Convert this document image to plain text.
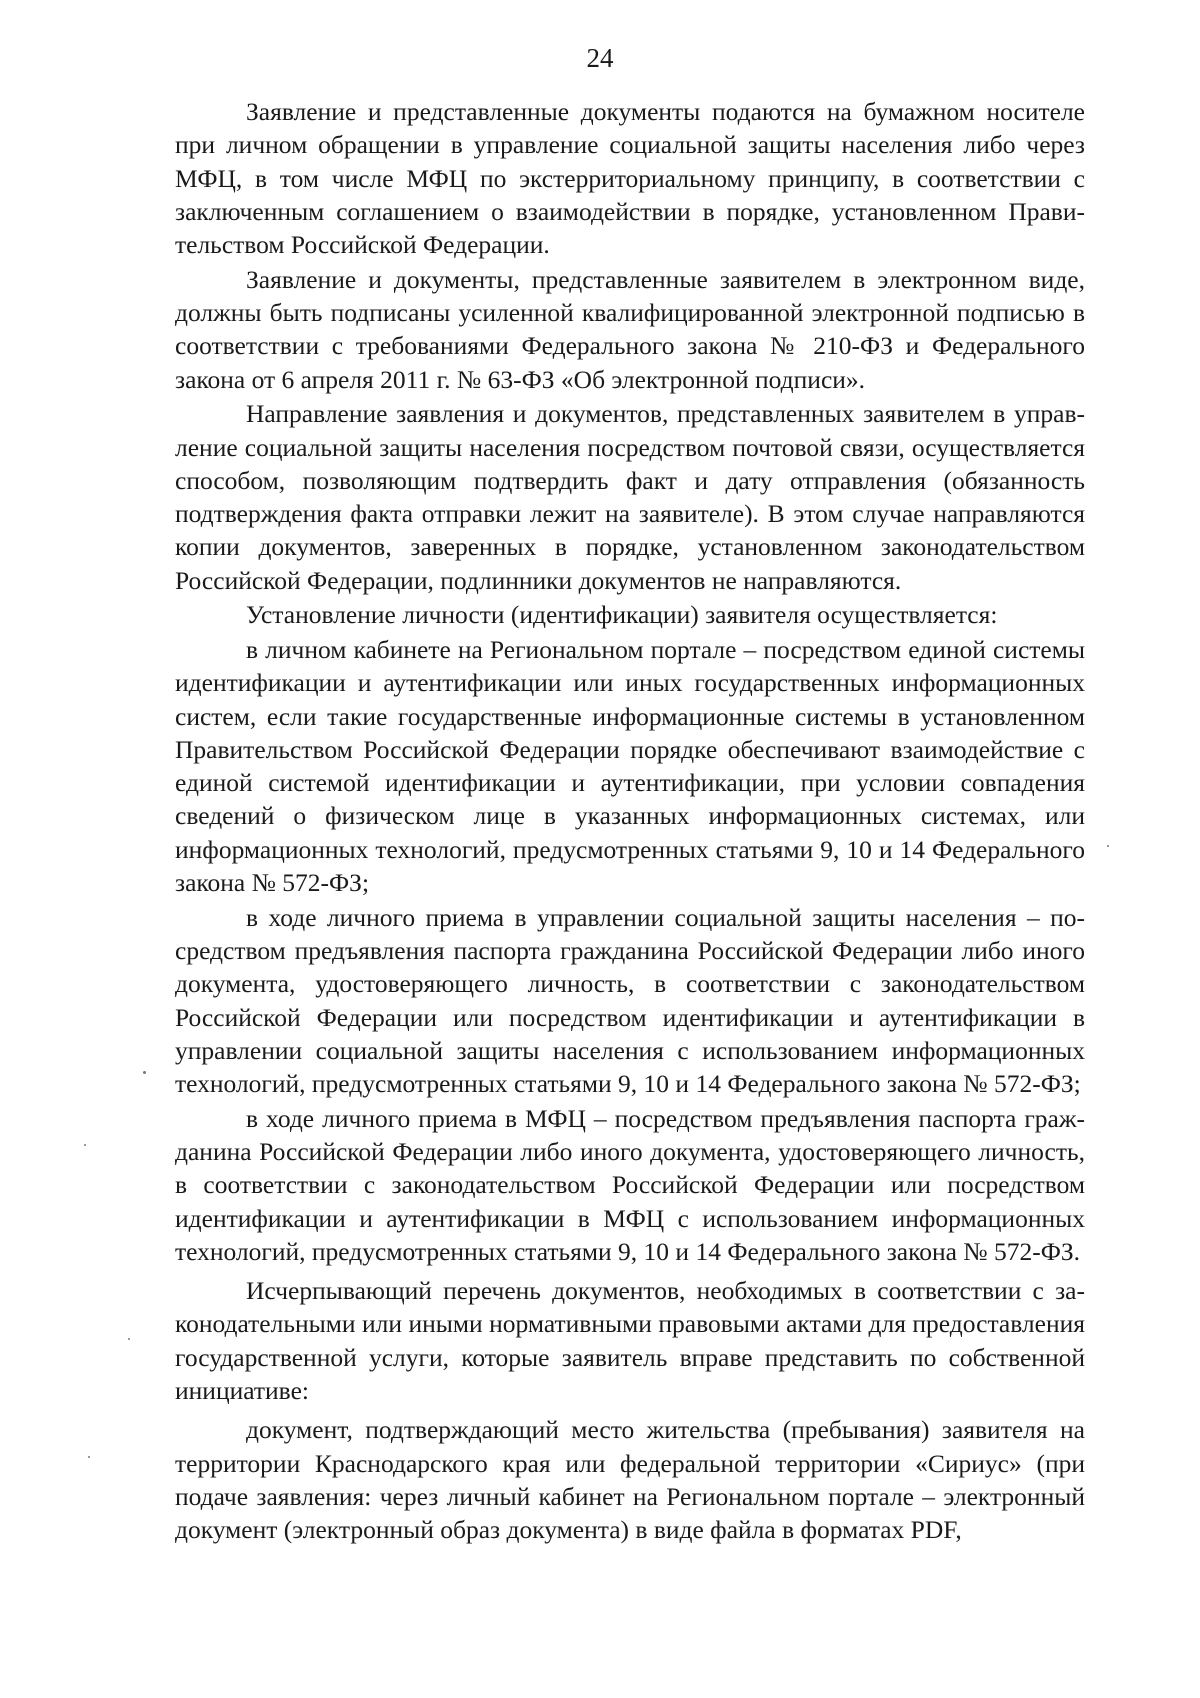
24

Заявление и представленные документы подаются на бумажном носителе при личном обращении в управление социальной защиты населения либо через МФЦ, в том числе МФЦ по экстерриториальному принципу, в соответствии с заключенным соглашением о взаимодействии в порядке, установленном Правительством Российской Федерации.

Заявление и документы, представленные заявителем в электронном виде, должны быть подписаны усиленной квалифицированной электронной подписью в соответствии с требованиями Федерального закона № 210-ФЗ и Федерального закона от 6 апреля 2011 г. № 63-ФЗ «Об электронной подписи».

Направление заявления и документов, представленных заявителем в управление социальной защиты населения посредством почтовой связи, осуществляется способом, позволяющим подтвердить факт и дату отправления (обязанность подтверждения факта отправки лежит на заявителе). В этом случае направляются копии документов, заверенных в порядке, установленном законодательством Российской Федерации, подлинники документов не направляются.

Установление личности (идентификации) заявителя осуществляется:

в личном кабинете на Региональном портале – посредством единой системы идентификации и аутентификации или иных государственных информационных систем, если такие государственные информационные системы в установленном Правительством Российской Федерации порядке обеспечивают взаимодействие с единой системой идентификации и аутентификации, при условии совпадения сведений о физическом лице в указанных информационных системах, или информационных технологий, предусмотренных статьями 9, 10 и 14 Федерального закона № 572-ФЗ;

в ходе личного приема в управлении социальной защиты населения – посредством предъявления паспорта гражданина Российской Федерации либо иного документа, удостоверяющего личность, в соответствии с законодательством Российской Федерации или посредством идентификации и аутентификации в управлении социальной защиты населения с использованием информационных технологий, предусмотренных статьями 9, 10 и 14 Федерального закона № 572-ФЗ;

в ходе личного приема в МФЦ – посредством предъявления паспорта гражданина Российской Федерации либо иного документа, удостоверяющего личность, в соответствии с законодательством Российской Федерации или посредством идентификации и аутентификации в МФЦ с использованием информационных технологий, предусмотренных статьями 9, 10 и 14 Федерального закона № 572-ФЗ.

Исчерпывающий перечень документов, необходимых в соответствии с законодательными или иными нормативными правовыми актами для предоставления государственной услуги, которые заявитель вправе представить по собственной инициативе:

документ, подтверждающий место жительства (пребывания) заявителя на территории Краснодарского края или федеральной территории «Сириус» (при подаче заявления: через личный кабинет на Региональном портале – электронный документ (электронный образ документа) в виде файла в форматах PDF,
